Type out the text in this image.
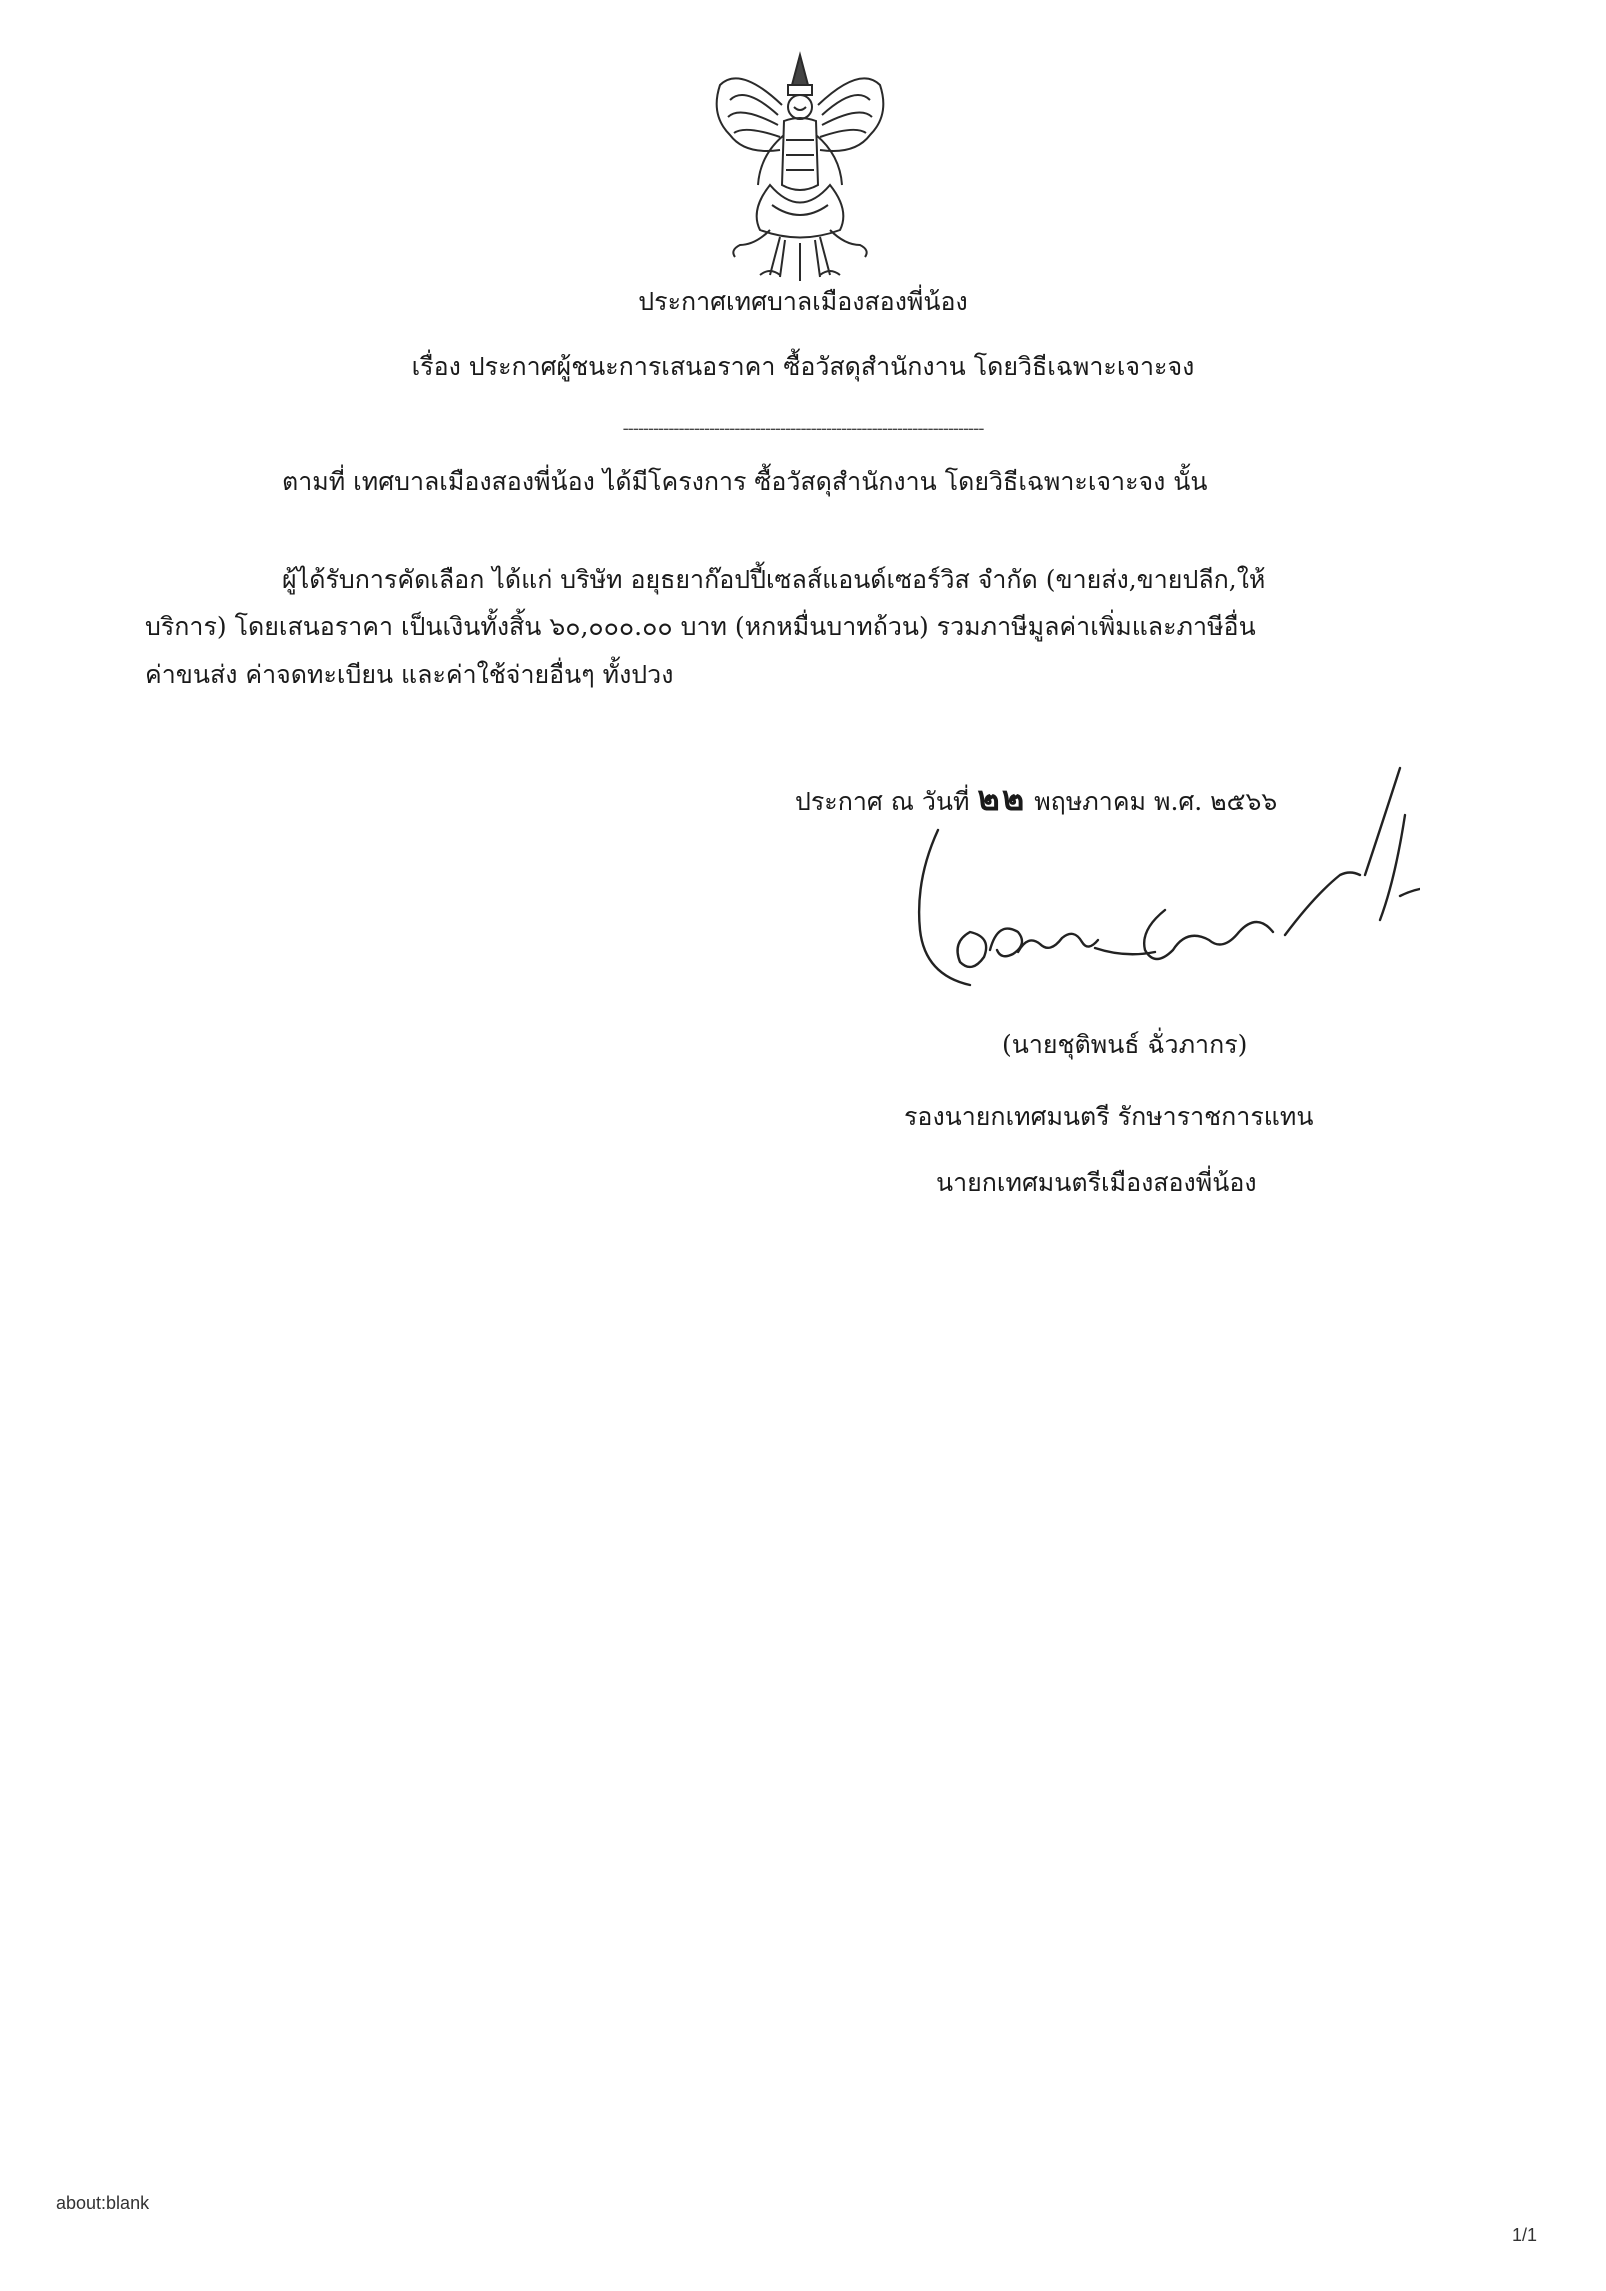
ประกาศเทศบาลเมืองสองพี่น้อง
เรื่อง ประกาศผู้ชนะการเสนอราคา ซื้อวัสดุสำนักงาน โดยวิธีเฉพาะเจาะจง
-----------------------------------------------------------------------
ตามที่ เทศบาลเมืองสองพี่น้อง ได้มีโครงการ ซื้อวัสดุสำนักงาน โดยวิธีเฉพาะเจาะจง นั้น
ผู้ได้รับการคัดเลือก ได้แก่ บริษัท อยุธยาก๊อปปี้เซลส์แอนด์เซอร์วิส จำกัด (ขายส่ง,ขายปลีก,ให้
บริการ) โดยเสนอราคา เป็นเงินทั้งสิ้น ๖๐,๐๐๐.๐๐ บาท (หกหมื่นบาทถ้วน) รวมภาษีมูลค่าเพิ่มและภาษีอื่น
ค่าขนส่ง ค่าจดทะเบียน และค่าใช้จ่ายอื่นๆ ทั้งปวง
ประกาศ ณ วันที่ ๒๒ พฤษภาคม พ.ศ. ๒๕๖๖
(นายชุติพนธ์ ฉั่วภากร)
รองนายกเทศมนตรี รักษาราชการแทน
นายกเทศมนตรีเมืองสองพี่น้อง
about:blank
1/1
